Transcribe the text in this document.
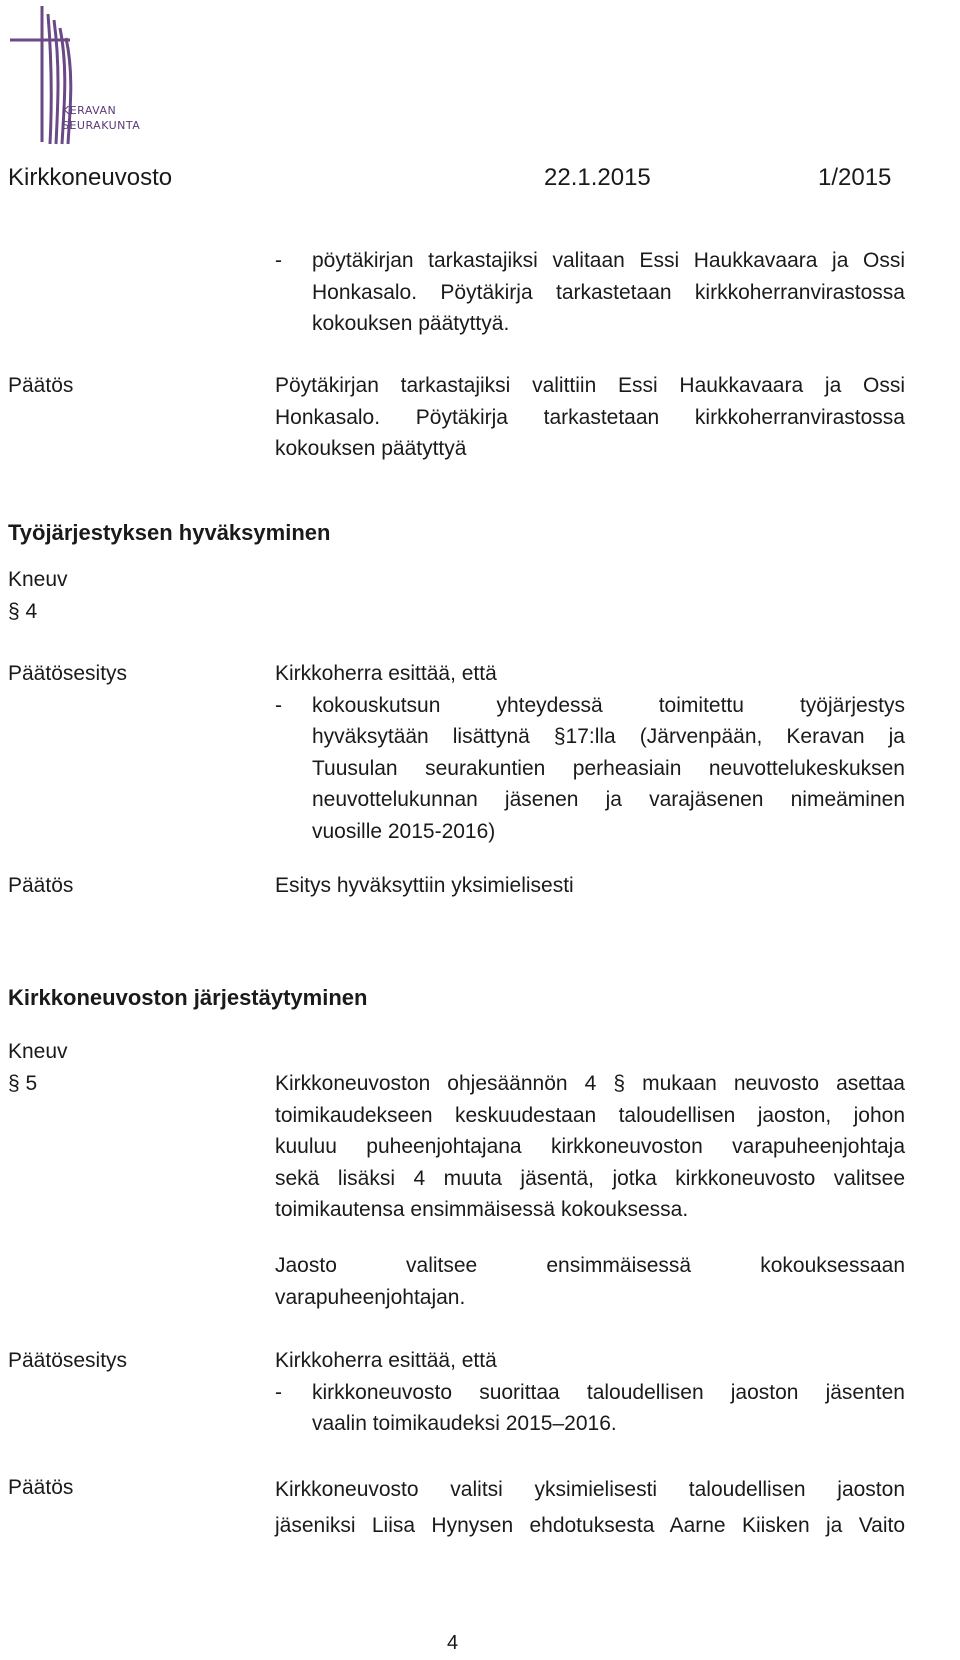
KERAVAN
SEURAKUNTA
Kirkkoneuvosto	22.1.2015	1/2015
- pöytäkirjan tarkastajiksi valitaan Essi Haukkavaara ja Ossi
Honkasalo. Pöytäkirja tarkastetaan kirkkoherranvirastossa
kokouksen päätyttyä.
Päätös	Pöytäkirjan tarkastajiksi valittiin Essi Haukkavaara ja Ossi
Honkasalo. Pöytäkirja tarkastetaan kirkkoherranvirastossa
kokouksen päätyttyä
Työjärjestyksen hyväksyminen
Kneuv
§ 4
Päätösesitys	Kirkkoherra esittää, että
- kokouskutsun yhteydessä toimitettu työjärjestys
hyväksytään lisättynä §17:lla (Järvenpään, Keravan ja
Tuusulan seurakuntien perheasiain neuvottelukeskuksen
neuvottelukunnan jäsenen ja varajäsenen nimeäminen
vuosille 2015-2016)
Päätös	Esitys hyväksyttiin yksimielisesti
Kirkkoneuvoston järjestäytyminen
Kneuv
§ 5	Kirkkoneuvoston ohjesäännön 4 § mukaan neuvosto asettaa
toimikaudekseen keskuudestaan taloudellisen jaoston, johon
kuuluu puheenjohtajana kirkkoneuvoston varapuheenjohtaja
sekä lisäksi 4 muuta jäsentä, jotka kirkkoneuvosto valitsee
toimikautensa ensimmäisessä kokouksessa.
Jaosto valitsee ensimmäisessä kokouksessaan
varapuheenjohtajan.
Päätösesitys	Kirkkoherra esittää, että
- kirkkoneuvosto suorittaa taloudellisen jaoston jäsenten
vaalin toimikaudeksi 2015–2016.
Päätös	Kirkkoneuvosto valitsi yksimielisesti taloudellisen jaoston
jäseniksi Liisa Hynysen ehdotuksesta Aarne Kiisken ja Vaito
4
